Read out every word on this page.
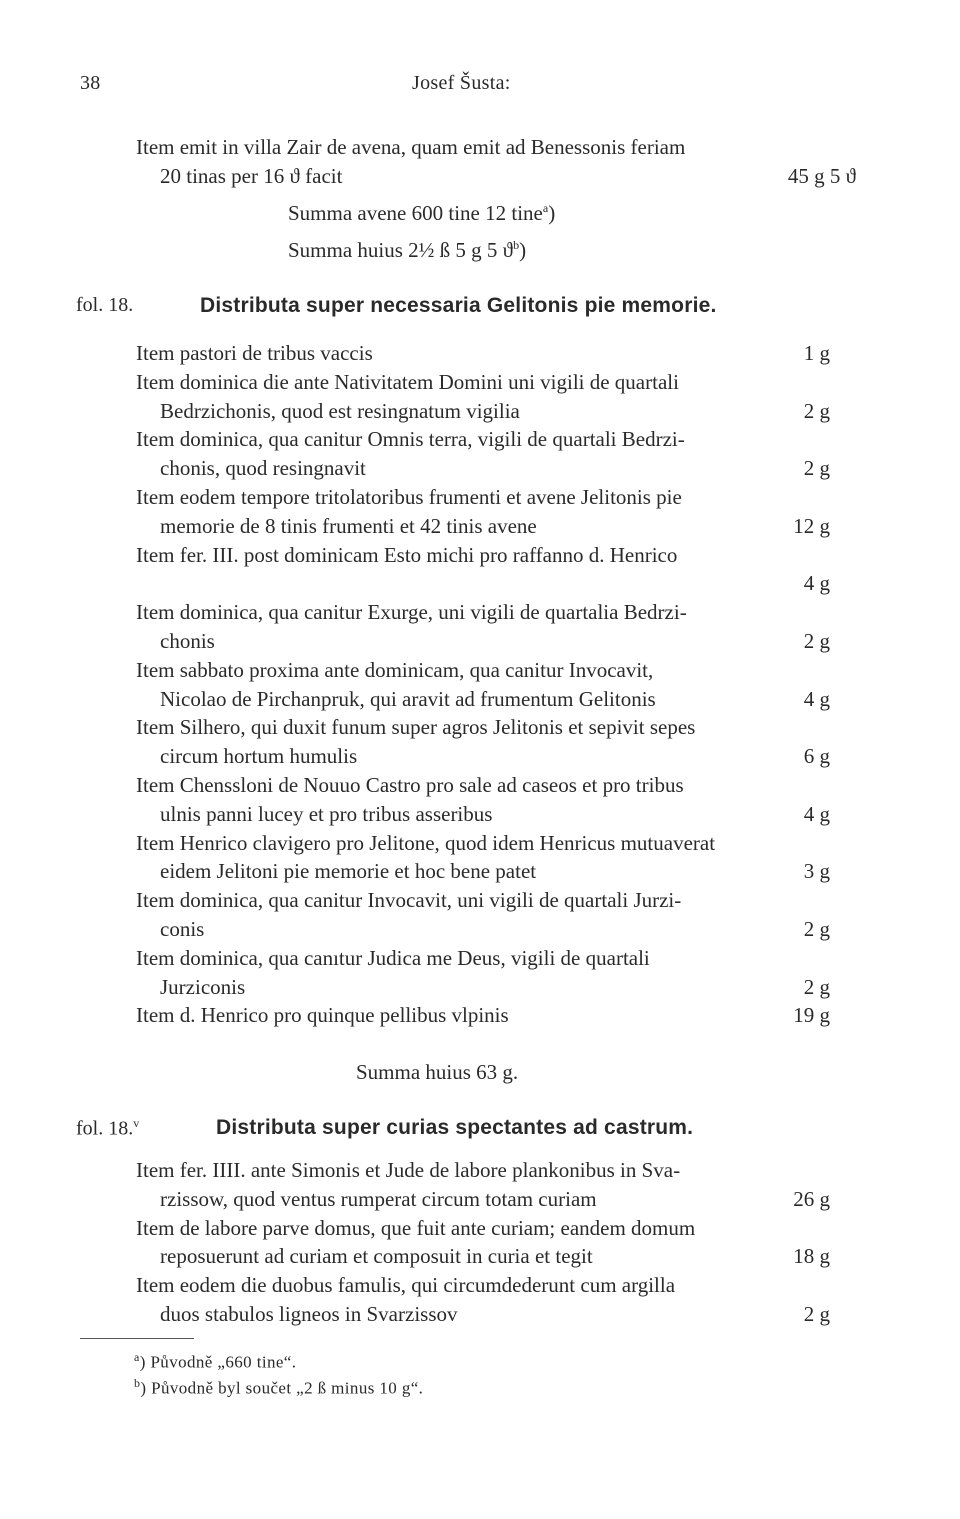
38	Josef Šusta:
Item emit in villa Zair de avena, quam emit ad Benessonis feriam
20 tinas per 16 ϑ facit	45 g 5 ϑ
Summa avene 600 tine 12 tine$^a$)
Summa huius 2½ ß 5 g 5 $ϑ^b$)
fol. 18.	Distributa super necessaria Gelitonis pie memorie.
Item pastori de tribus vaccis	1 g
Item dominica die ante Nativitatem Domini uni vigili de quartali
Bedrzichonis, quod est resingnatum vigilia	2 g
Item dominica, qua canitur Omnis terra, vigili de quartali Bedrzi-
chonis, quod resingnavit	2 g
Item eodem tempore tritolatoribus frumenti et avene Jelitonis pie
memorie de 8 tinis frumenti et 42 tinis avene	12 g
Item fer. III. post dominicam Esto michi pro raffanno d. Henrico
4 g
Item dominica, qua canitur Exurge, uni vigili de quartalia Bedrzi-
chonis	2 g
Item sabbato proxima ante dominicam, qua canitur Invocavit,
Nicolao de Pirchanpruk, qui aravit ad frumentum Gelitonis	4 g
Item Silhero, qui duxit funum super agros Jelitonis et sepivit sepes
circum hortum humulis	6 g
Item Chenssloni de Nouuo Castro pro sale ad caseos et pro tribus
ulnis panni lucey et pro tribus asseribus	4 g
Item Henrico clavigero pro Jelitone, quod idem Henricus mutuaverat
eidem Jelitoni pie memorie et hoc bene patet	3 g
Item dominica, qua canitur Invocavit, uni vigili de quartali Jurzi-
conis	2 g
Item dominica, qua canıtur Judica me Deus, vigili de quartali
Jurziconis	2 g
Item d. Henrico pro quinque pellibus vlpinis	19 g
Summa huius 63 g.
fol. 18.$^v$	Distributa super curias spectantes ad castrum.
Item fer. IIII. ante Simonis et Jude de labore plankonibus in Sva-
rzissow, quod ventus rumperat circum totam curiam	26 g
Item de labore parve domus, que fuit ante curiam; eandem domum
reposuerunt ad curiam et composuit in curia et tegit	18 g
Item eodem die duobus famulis, qui circumdederunt cum argilla
duos stabulos ligneos in Svarzissov	2 g
$^a$) Původně „660 tine“.
$^b$) Původně byl součet „2 ß minus 10 g“.
